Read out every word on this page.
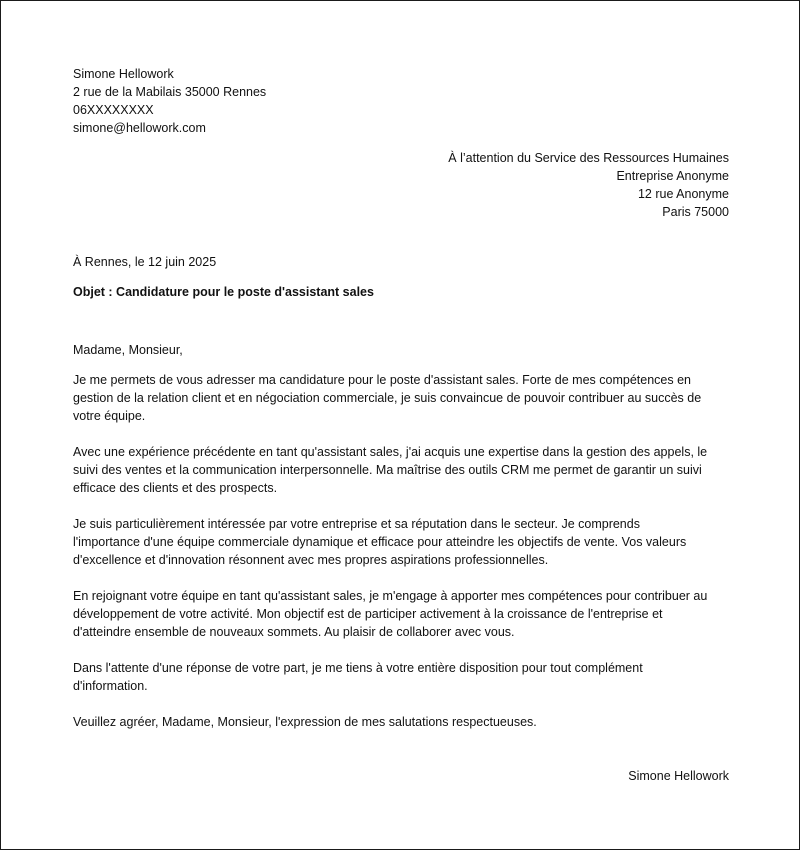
Simone Hellowork
2 rue de la Mabilais 35000 Rennes
06XXXXXXXX
simone@hellowork.com
À l’attention du Service des Ressources Humaines
Entreprise Anonyme
12 rue Anonyme
Paris 75000
À Rennes, le 12 juin 2025
Objet : Candidature pour le poste d'assistant sales
Madame, Monsieur,
Je me permets de vous adresser ma candidature pour le poste d'assistant sales. Forte de mes compétences en
gestion de la relation client et en négociation commerciale, je suis convaincue de pouvoir contribuer au succès de
votre équipe.
Avec une expérience précédente en tant qu'assistant sales, j'ai acquis une expertise dans la gestion des appels, le
suivi des ventes et la communication interpersonnelle. Ma maîtrise des outils CRM me permet de garantir un suivi
efficace des clients et des prospects.
Je suis particulièrement intéressée par votre entreprise et sa réputation dans le secteur. Je comprends
l'importance d'une équipe commerciale dynamique et efficace pour atteindre les objectifs de vente. Vos valeurs
d'excellence et d'innovation résonnent avec mes propres aspirations professionnelles.
En rejoignant votre équipe en tant qu'assistant sales, je m'engage à apporter mes compétences pour contribuer au
développement de votre activité. Mon objectif est de participer activement à la croissance de l'entreprise et
d'atteindre ensemble de nouveaux sommets. Au plaisir de collaborer avec vous.
Dans l'attente d'une réponse de votre part, je me tiens à votre entière disposition pour tout complément
d'information.
Veuillez agréer, Madame, Monsieur, l'expression de mes salutations respectueuses.
Simone Hellowork
